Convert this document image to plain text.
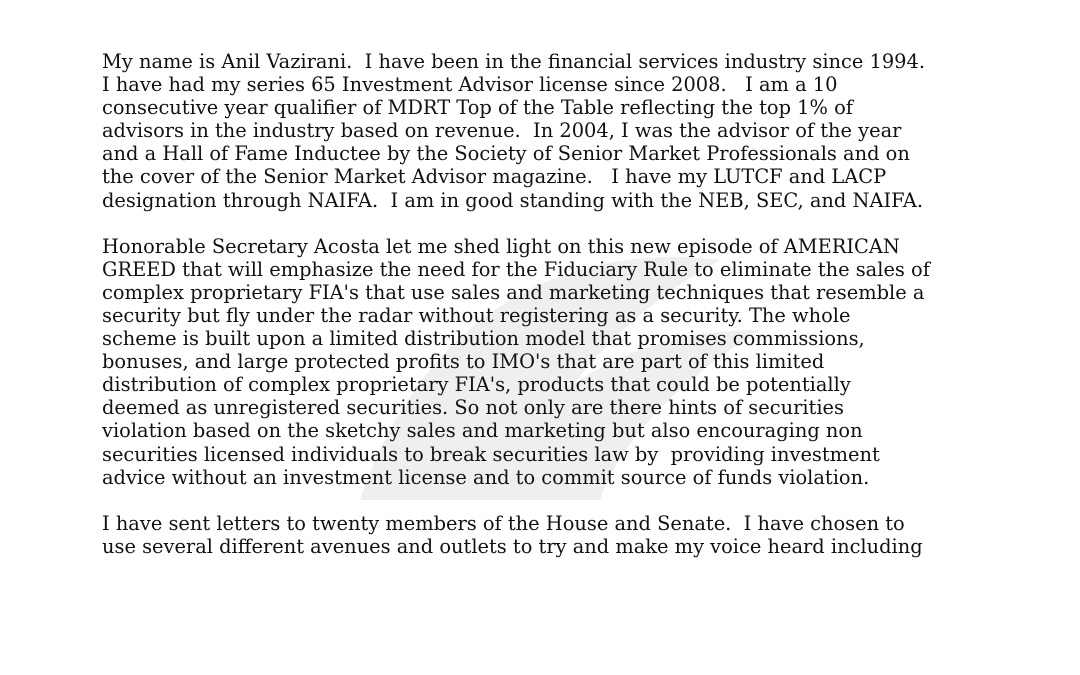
My name is Anil Vazirani.  I have been in the financial services industry since 1994.
I have had my series 65 Investment Advisor license since 2008.   I am a 10
consecutive year qualifier of MDRT Top of the Table reflecting the top 1% of
advisors in the industry based on revenue.  In 2004, I was the advisor of the year
and a Hall of Fame Inductee by the Society of Senior Market Professionals and on
the cover of the Senior Market Advisor magazine.   I have my LUTCF and LACP
designation through NAIFA.  I am in good standing with the NEB, SEC, and NAIFA.

Honorable Secretary Acosta let me shed light on this new episode of AMERICAN
GREED that will emphasize the need for the Fiduciary Rule to eliminate the sales of
complex proprietary FIA's that use sales and marketing techniques that resemble a
security but fly under the radar without registering as a security. The whole
scheme is built upon a limited distribution model that promises commissions,
bonuses, and large protected profits to IMO's that are part of this limited
distribution of complex proprietary FIA's, products that could be potentially
deemed as unregistered securities. So not only are there hints of securities
violation based on the sketchy sales and marketing but also encouraging non
securities licensed individuals to break securities law by  providing investment
advice without an investment license and to commit source of funds violation.

I have sent letters to twenty members of the House and Senate.  I have chosen to
use several different avenues and outlets to try and make my voice heard including
